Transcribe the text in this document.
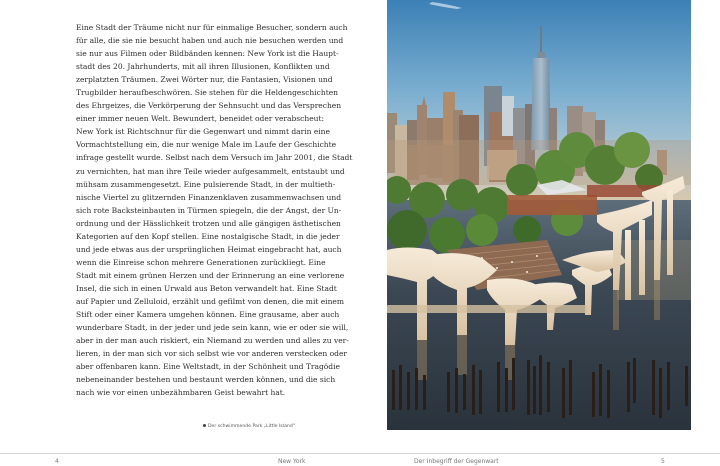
Eine Stadt der Träume nicht nur für einmalige Besucher, sondern auch
für alle, die sie nie besucht haben und auch nie besuchen werden und
sie nur aus Filmen oder Bildbänden kennen: New York ist die Haupt-
stadt des 20. Jahrhunderts, mit all ihren Illusionen, Konflikten und
zerplatzten Träumen. Zwei Wörter nur, die Fantasien, Visionen und
Trugbilder heraufbeschwören. Sie stehen für die Heldengeschichten
des Ehrgeizes, die Verkörperung der Sehnsucht und das Versprechen
einer immer neuen Welt. Bewundert, beneidet oder verabscheut:
New York ist Richtschnur für die Gegenwart und nimmt darin eine
Vormachtstellung ein, die nur wenige Male im Laufe der Geschichte
infrage gestellt wurde. Selbst nach dem Versuch im Jahr 2001, die Stadt
zu vernichten, hat man ihre Teile wieder aufgesammelt, entstaubt und
mühsam zusammengesetzt. Eine pulsierende Stadt, in der multieth-
nische Viertel zu glitzernden Finanzenklaven zusammenwachsen und
sich rote Backsteinbauten in Türmen spiegeln, die der Angst, der Un-
ordnung und der Hässlichkeit trotzen und alle gängigen ästhetischen
Kategorien auf den Kopf stellen. Eine nostalgische Stadt, in die jeder
und jede etwas aus der ursprünglichen Heimat eingebracht hat, auch
wenn die Einreise schon mehrere Generationen zurückliegt. Eine
Stadt mit einem grünen Herzen und der Erinnerung an eine verlorene
Insel, die sich in einen Urwald aus Beton verwandelt hat. Eine Stadt
auf Papier und Zelluloid, erzählt und gefilmt von denen, die mit einem
Stift oder einer Kamera umgehen können. Eine grausame, aber auch
wunderbare Stadt, in der jeder und jede sein kann, wie er oder sie will,
aber in der man auch riskiert, ein Niemand zu werden und alles zu ver-
lieren, in der man sich vor sich selbst wie vor anderen verstecken oder
aber offenbaren kann. Eine Weltstadt, in der Schönheit und Tragödie
nebeneinander bestehen und bestaunt werden können, und die sich
nach wie vor einen unbezähmbaren Geist bewahrt hat.
Der schwimmende Park „Little Island"
4	New York	Der Inbegriff der Gegenwart	5
